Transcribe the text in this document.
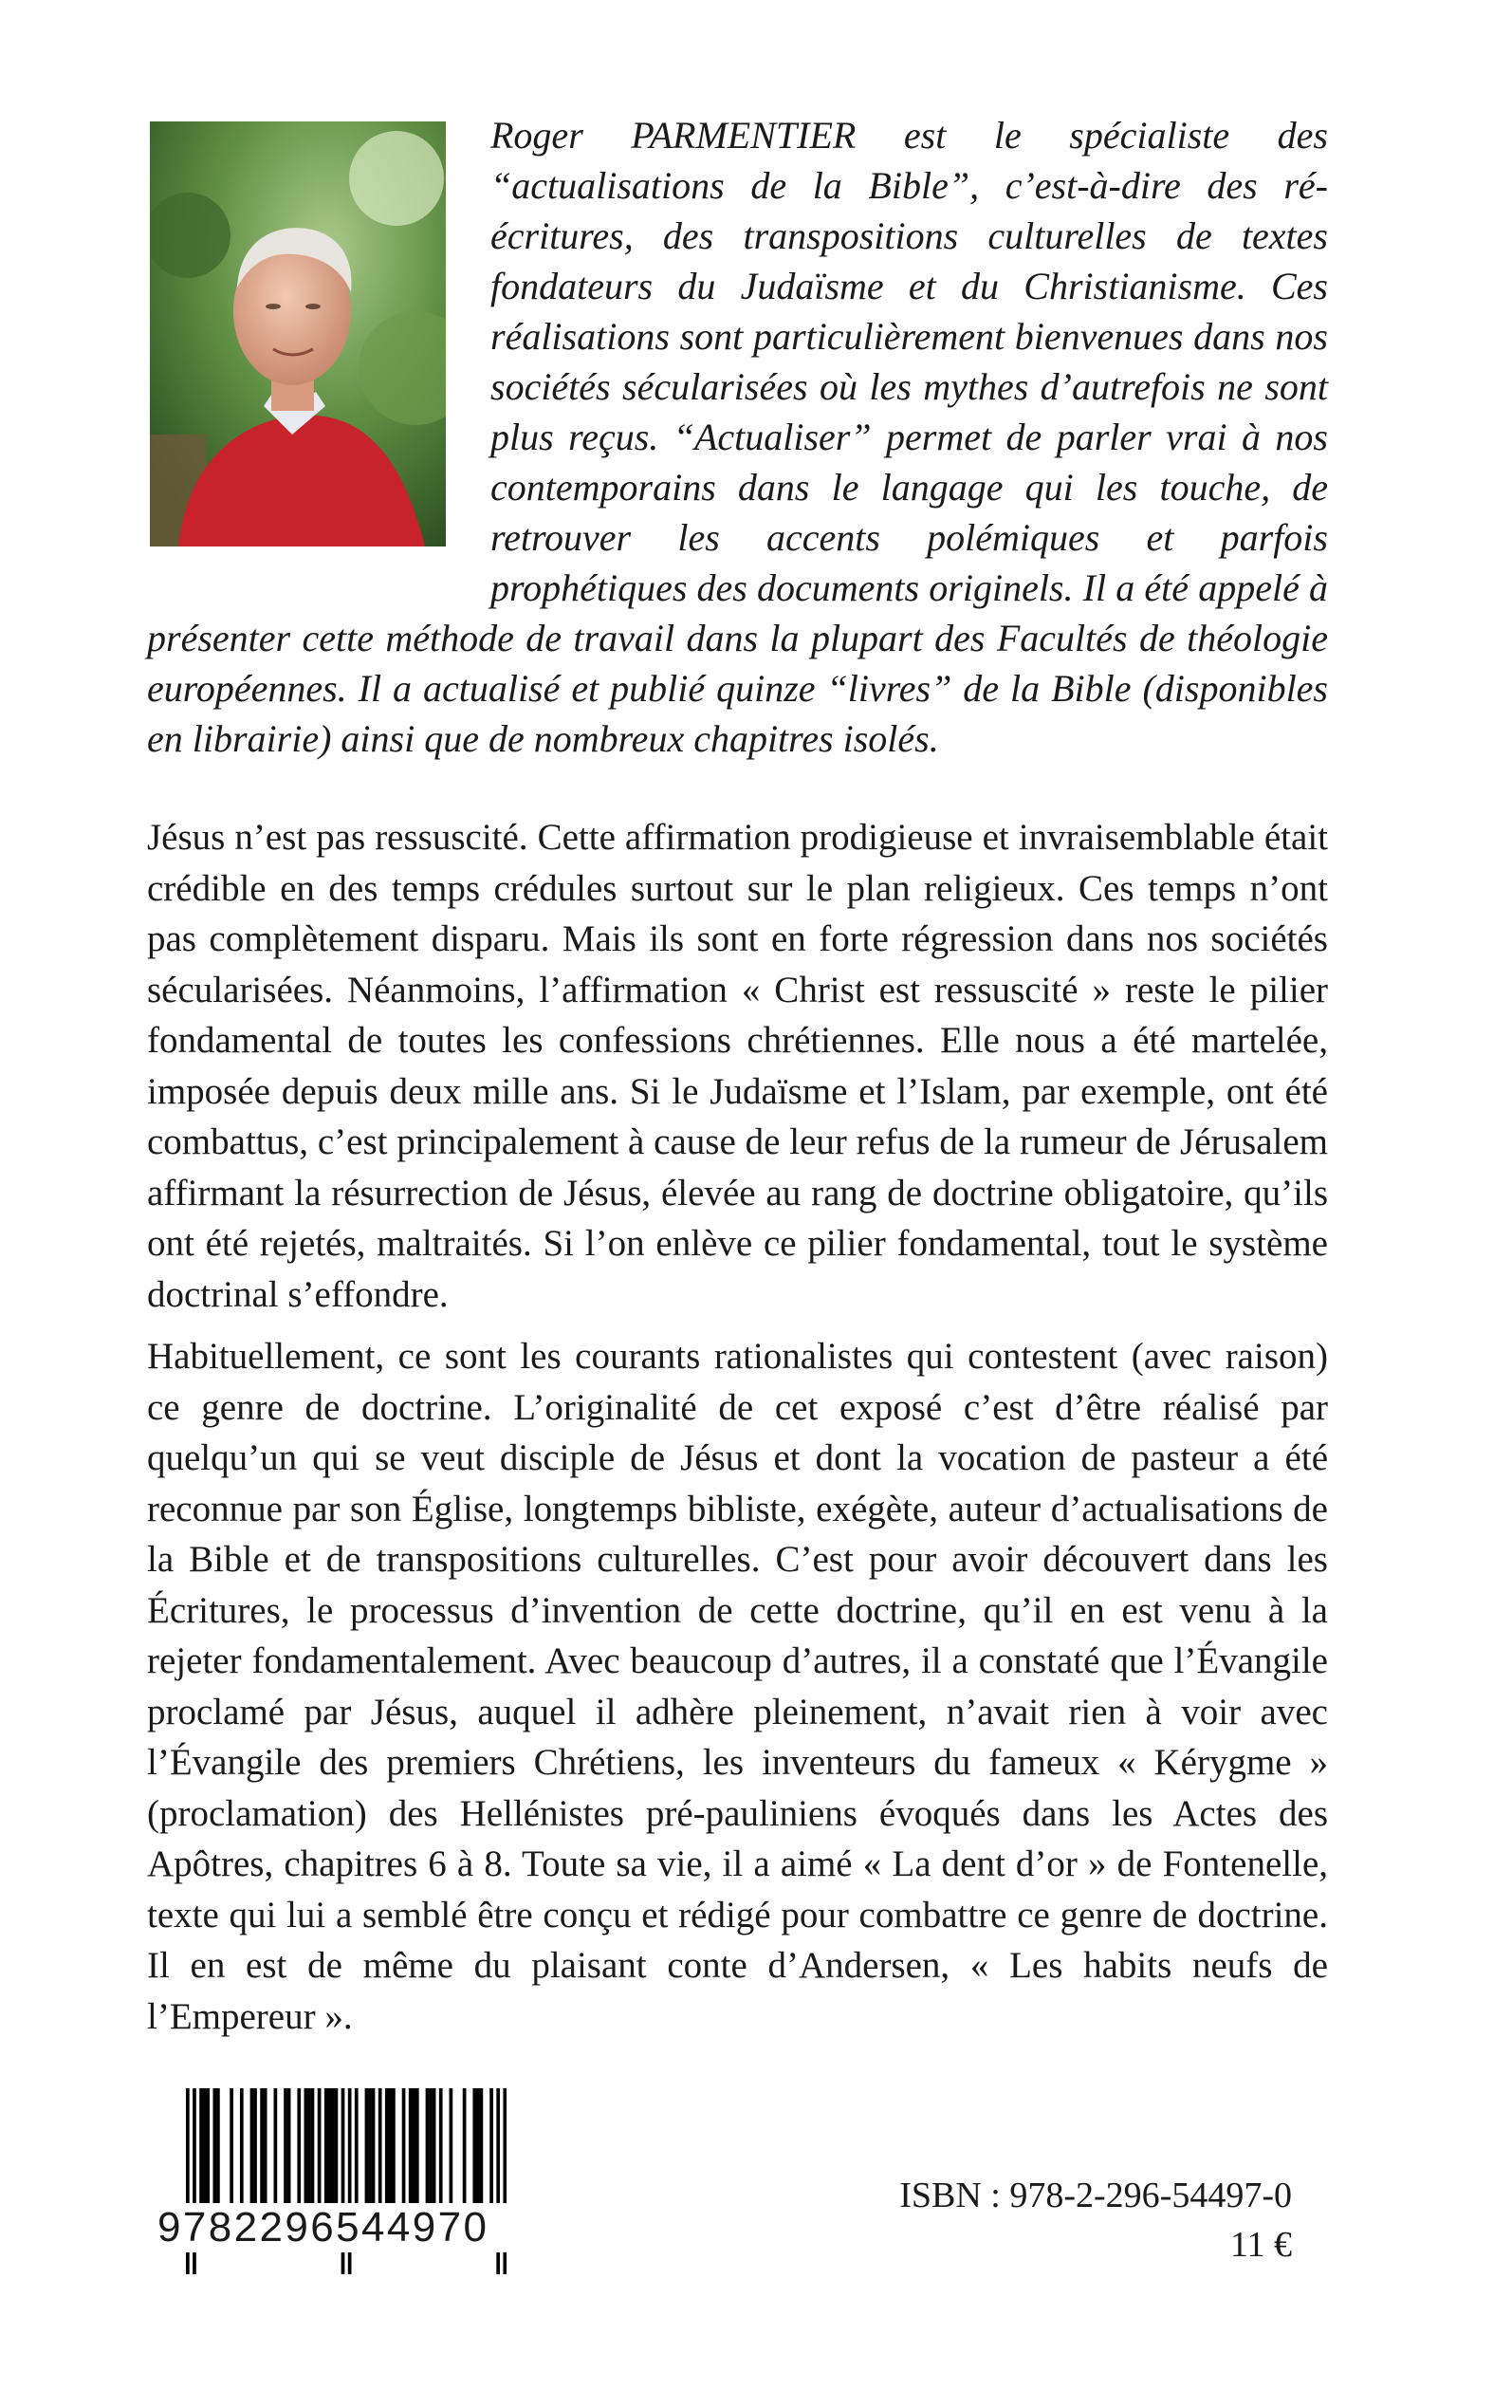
Roger PARMENTIER est le spécialiste des “actualisations de la Bible”, c’est-à-dire des ré-écritures, des transpositions culturelles de textes fondateurs du Judaïsme et du Christianisme. Ces réalisations sont particulièrement bienvenues dans nos sociétés sécularisées où les mythes d’autrefois ne sont plus reçus. “Actualiser” permet de parler vrai à nos contemporains dans le langage qui les touche, de retrouver les accents polémiques et parfois prophétiques des documents originels. Il a été appelé à présenter cette méthode de travail dans la plupart des Facultés de théologie européennes. Il a actualisé et publié quinze “livres” de la Bible (disponibles en librairie) ainsi que de nombreux chapitres isolés.

Jésus n’est pas ressuscité. Cette affirmation prodigieuse et invraisemblable était crédible en des temps crédules surtout sur le plan religieux. Ces temps n’ont pas complètement disparu. Mais ils sont en forte régression dans nos sociétés sécularisées. Néanmoins, l’affirmation « Christ est ressuscité » reste le pilier fondamental de toutes les confessions chrétiennes. Elle nous a été martelée, imposée depuis deux mille ans. Si le Judaïsme et l’Islam, par exemple, ont été combattus, c’est principalement à cause de leur refus de la rumeur de Jérusalem affirmant la résurrection de Jésus, élevée au rang de doctrine obligatoire, qu’ils ont été rejetés, maltraités. Si l’on enlève ce pilier fondamental, tout le système doctrinal s’effondre.

Habituellement, ce sont les courants rationalistes qui contestent (avec raison) ce genre de doctrine. L’originalité de cet exposé c’est d’être réalisé par quelqu’un qui se veut disciple de Jésus et dont la vocation de pasteur a été reconnue par son Église, longtemps bibliste, exégète, auteur d’actualisations de la Bible et de transpositions culturelles. C’est pour avoir découvert dans les Écritures, le processus d’invention de cette doctrine, qu’il en est venu à la rejeter fondamentalement. Avec beaucoup d’autres, il a constaté que l’Évangile proclamé par Jésus, auquel il adhère pleinement, n’avait rien à voir avec l’Évangile des premiers Chrétiens, les inventeurs du fameux « Kérygme » (proclamation) des Hellénistes pré-pauliniens évoqués dans les Actes des Apôtres, chapitres 6 à 8. Toute sa vie, il a aimé « La dent d’or » de Fontenelle, texte qui lui a semblé être conçu et rédigé pour combattre ce genre de doctrine. Il en est de même du plaisant conte d’Andersen, « Les habits neufs de l’Empereur ».

9782296544970
ISBN : 978-2-296-54497-0
11 €
